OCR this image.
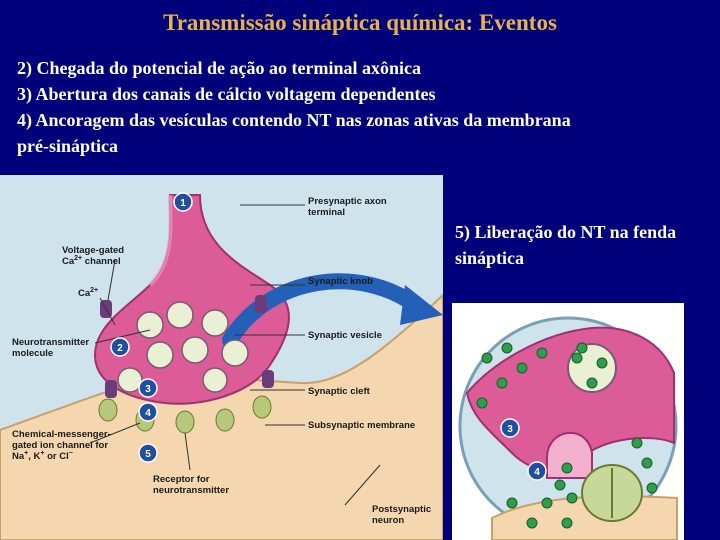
Transmissão sináptica química: Eventos
2) Chegada do potencial de ação ao terminal axônica
3) Abertura dos canais de cálcio voltagem dependentes
4) Ancoragem das vesículas contendo NT nas zonas ativas da membrana
pré-sináptica
Presynaptic axon terminal
Voltage-gated $Ca^{2+}$ channel
$Ca^{2+}$
Neurotransmitter molecule
Synaptic knob
Synaptic vesicle
Synaptic cleft
Subsynaptic membrane
Chemical-messenger- gated ion channel for Na+, K+ or Cl−
Receptor for neurotransmitter
Postsynaptic neuron
1
2
3
4
5
5) Liberação do NT na fenda sináptica
3
4
